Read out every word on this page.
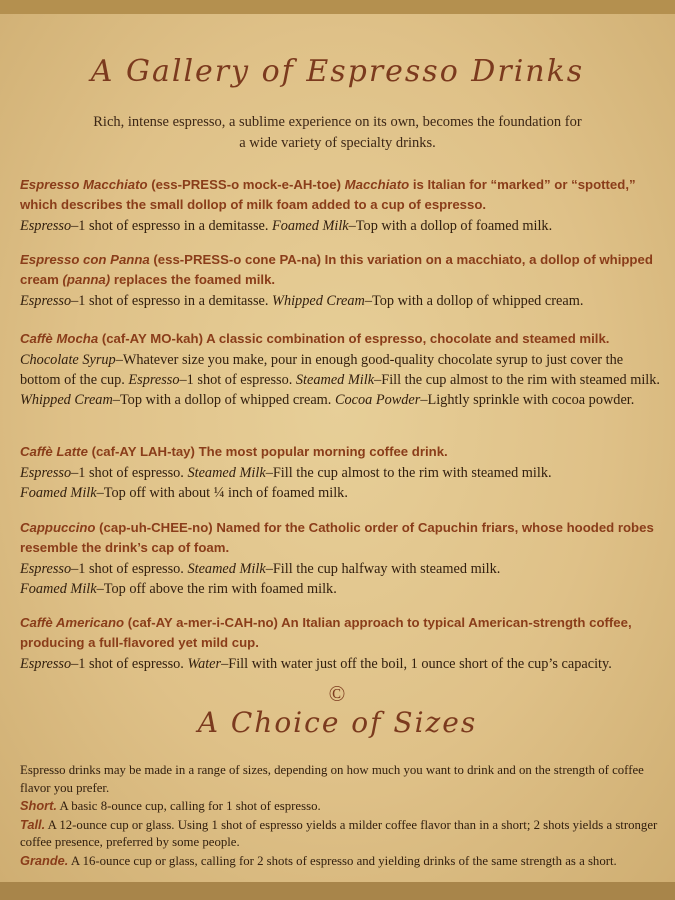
A Gallery of Espresso Drinks
Rich, intense espresso, a sublime experience on its own, becomes the foundation for
a wide variety of specialty drinks.
Espresso Macchiato (ess-PRESS-o mock-e-AH-toe) Macchiato is Italian for “marked” or “spotted,” which describes the small dollop of milk foam added to a cup of espresso.
Espresso–1 shot of espresso in a demitasse. Foamed Milk–Top with a dollop of foamed milk.
Espresso con Panna (ess-PRESS-o cone PA-na) In this variation on a macchiato, a dollop of whipped cream (panna) replaces the foamed milk.
Espresso–1 shot of espresso in a demitasse. Whipped Cream–Top with a dollop of whipped cream.
Caffè Mocha (caf-AY MO-kah) A classic combination of espresso, chocolate and steamed milk.
Chocolate Syrup–Whatever size you make, pour in enough good-quality chocolate syrup to just cover the bottom of the cup. Espresso–1 shot of espresso. Steamed Milk–Fill the cup almost to the rim with steamed milk. Whipped Cream–Top with a dollop of whipped cream. Cocoa Powder–Lightly sprinkle with cocoa powder.
Caffè Latte (caf-AY LAH-tay) The most popular morning coffee drink.
Espresso–1 shot of espresso. Steamed Milk–Fill the cup almost to the rim with steamed milk.
Foamed Milk–Top off with about ¼ inch of foamed milk.
Cappuccino (cap-uh-CHEE-no) Named for the Catholic order of Capuchin friars, whose hooded robes resemble the drink’s cap of foam.
Espresso–1 shot of espresso. Steamed Milk–Fill the cup halfway with steamed milk.
Foamed Milk–Top off above the rim with foamed milk.
Caffè Americano (caf-AY a-mer-i-CAH-no) An Italian approach to typical American-strength coffee, producing a full-flavored yet mild cup.
Espresso–1 shot of espresso. Water–Fill with water just off the boil, 1 ounce short of the cup’s capacity.
©
A Choice of Sizes

Espresso drinks may be made in a range of sizes, depending on how much you want to drink and on the strength of coffee flavor you prefer.

Short. A basic 8-ounce cup, calling for 1 shot of espresso.

Tall. A 12-ounce cup or glass. Using 1 shot of espresso yields a milder coffee flavor than in a short; 2 shots yields a stronger coffee presence, preferred by some people.

Grande. A 16-ounce cup or glass, calling for 2 shots of espresso and yielding drinks of the same strength as a short.
